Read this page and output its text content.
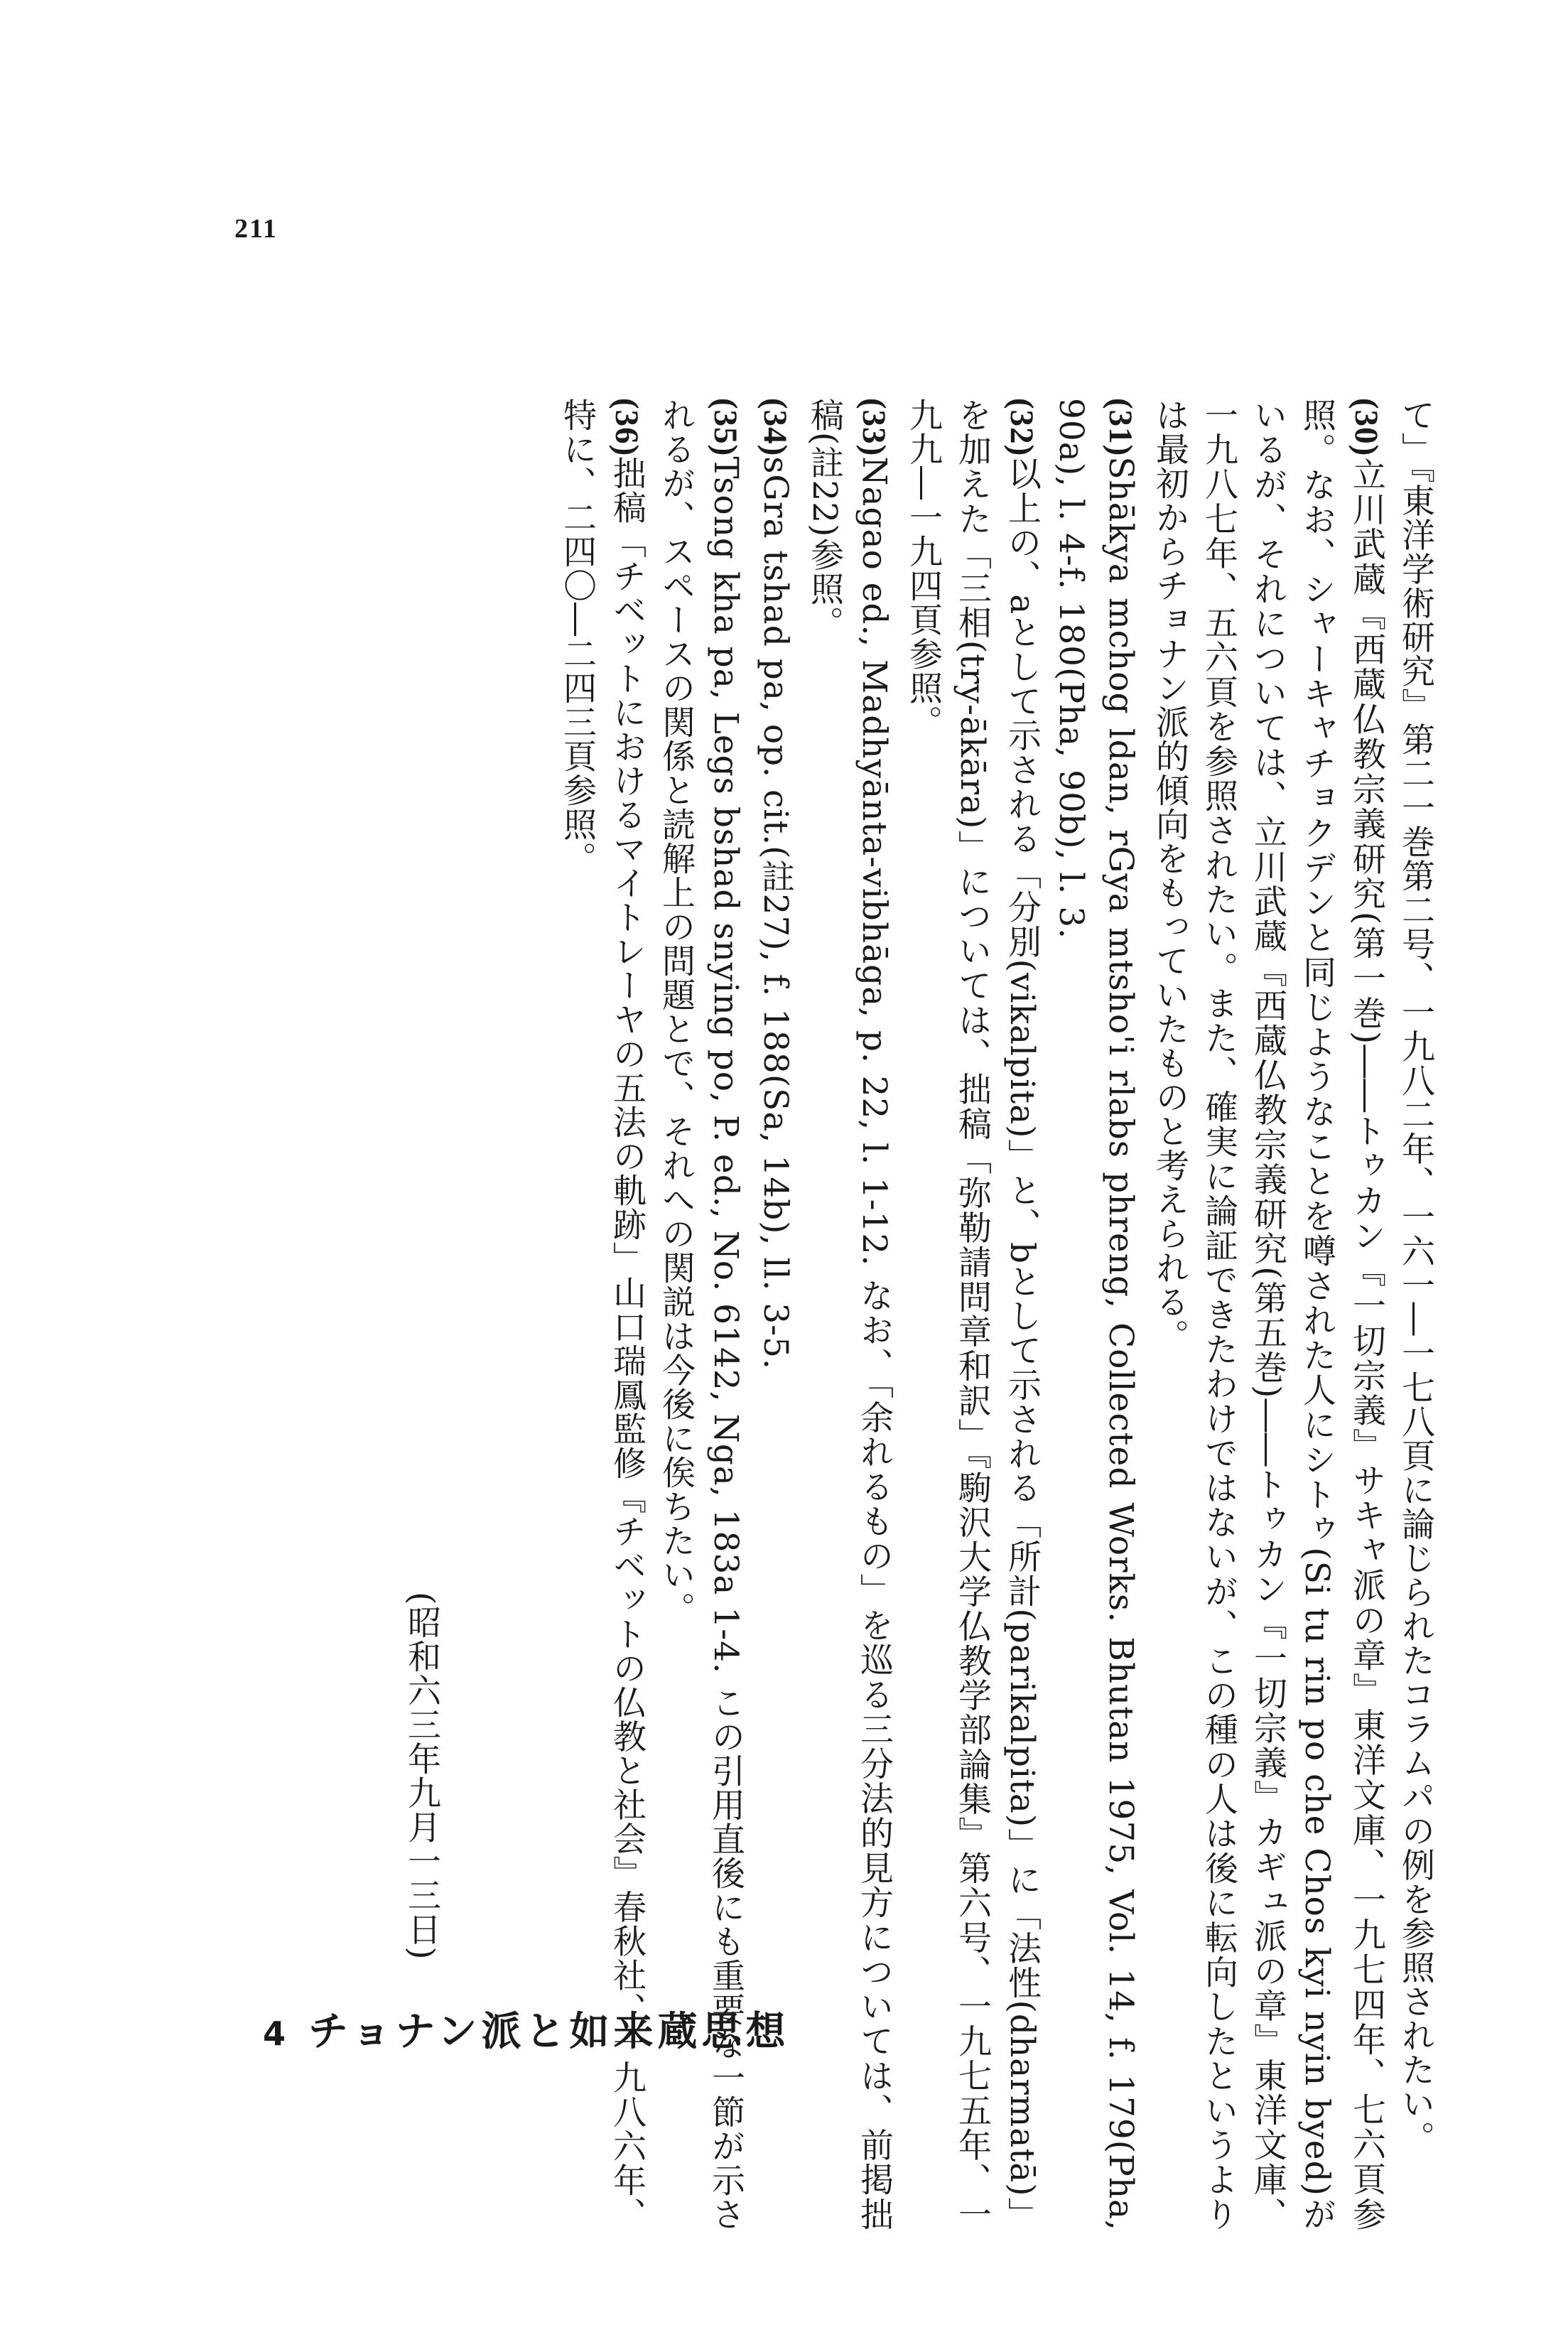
211

て」『東洋学術研究』第二一巻第二号、一九八二年、一六一―一七八頁に論じられたコラムパの例を参照されたい。

(30)立川武蔵『西蔵仏教宗義研究(第一巻)――トゥカン『一切宗義』サキャ派の章』東洋文庫、一九七四年、七六頁参照。なお、シャーキャチョクデンと同じようなことを噂された人にシトゥ(Si tu rin po che Chos kyi nyin byed)がいるが、それについては、立川武蔵『西蔵仏教宗義研究(第五巻)――トゥカン『一切宗義』カギュ派の章』東洋文庫、一九八七年、五六頁を参照されたい。また、確実に論証できたわけではないが、この種の人は後に転向したというよりは最初からチョナン派的傾向をもっていたものと考えられる。

(31)Shākya mchog ldan, rGya mtsho'i rlabs phreng, Collected Works. Bhutan 1975, Vol. 14, f. 179(Pha, 90a), l. 4-f. 180(Pha, 90b), l. 3.

(32)以上の、aとして示される「分別(vikalpita)」と、bとして示される「所計(parikalpita)」に「法性(dharmatā)」を加えた「三相(try-ākāra)」については、拙稿「弥勒請問章和訳」『駒沢大学仏教学部論集』第六号、一九七五年、一九九―一九四頁参照。

(33)Nagao ed., Madhyānta-vibhāga, p. 22, l. 1-12. なお、「余れるもの」を巡る三分法的見方については、前掲拙稿(註22)参照。

(34)sGra tshad pa, op. cit.(註27), f. 188(Sa, 14b), ll. 3-5.

(35)Tsong kha pa, Legs bshad snying po, P. ed., No. 6142, Nga, 183a 1-4. この引用直後にも重要な一節が示されるが、スペースの関係と読解上の問題とで、それへの関説は今後に俟ちたい。

(36)拙稿「チベットにおけるマイトレーヤの五法の軌跡」山口瑞鳳監修『チベットの仏教と社会』春秋社、一九八六年、特に、二四〇―二四三頁参照。

(昭和六三年九月一三日)
4 チョナン派と如来蔵思想
